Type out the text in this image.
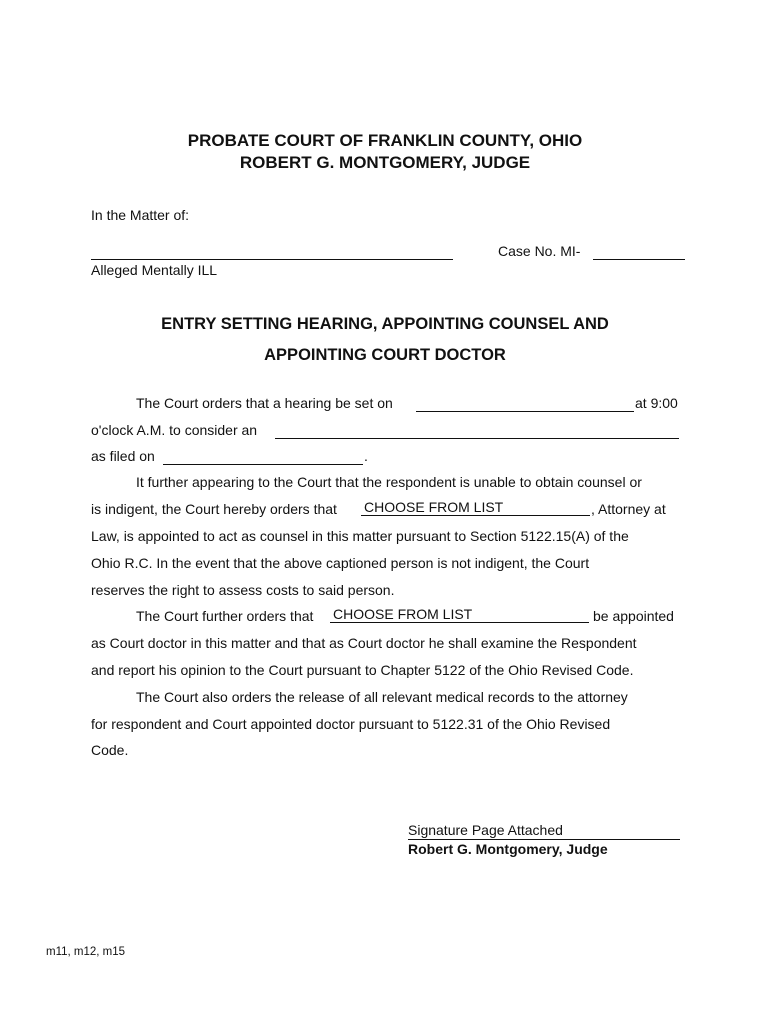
PROBATE COURT OF FRANKLIN COUNTY, OHIO
ROBERT G. MONTGOMERY, JUDGE
In the Matter of:
Case No. MI-
Alleged Mentally ILL
ENTRY SETTING HEARING, APPOINTING COUNSEL AND
APPOINTING COURT DOCTOR
The Court orders that a hearing be set on	at 9:00
o'clock A.M. to consider an
as filed on	.
It further appearing to the Court that the respondent is unable to obtain counsel or
is indigent, the Court hereby orders that CHOOSE FROM LIST	, Attorney at
Law, is appointed to act as counsel in this matter pursuant to Section 5122.15(A) of the
Ohio R.C. In the event that the above captioned person is not indigent, the Court
reserves the right to assess costs to said person.
The Court further orders that CHOOSE FROM LIST	be appointed
as Court doctor in this matter and that as Court doctor he shall examine the Respondent
and report his opinion to the Court pursuant to Chapter 5122 of the Ohio Revised Code.
The Court also orders the release of all relevant medical records to the attorney
for respondent and Court appointed doctor pursuant to 5122.31 of the Ohio Revised
Code.
Signature Page Attached
Robert G. Montgomery, Judge
m11, m12, m15
